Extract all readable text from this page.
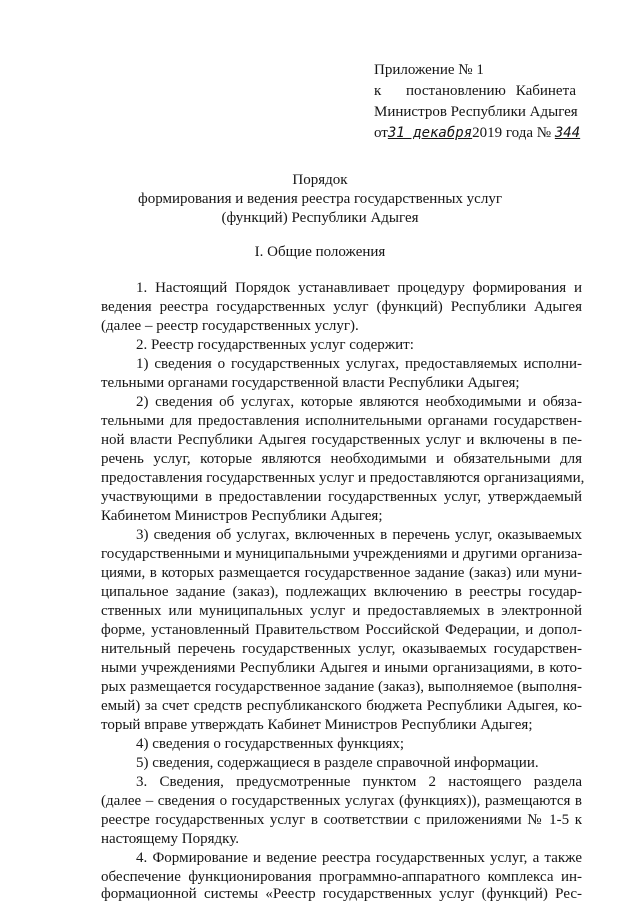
Приложение № 1
к постановлению Кабинета
Министров Республики Адыгея
от31 декабря2019 года № 344
Порядок
формирования и ведения реестра государственных услуг
(функций) Республики Адыгея
I. Общие положения
1. Настоящий Порядок устанавливает процедуру формирования и
ведения реестра государственных услуг (функций) Республики Адыгея
(далее – реестр государственных услуг).
2. Реестр государственных услуг содержит:
1) сведения о государственных услугах, предоставляемых исполни-
тельными органами государственной власти Республики Адыгея;
2) сведения об услугах, которые являются необходимыми и обяза-
тельными для предоставления исполнительными органами государствен-
ной власти Республики Адыгея государственных услуг и включены в пе-
речень услуг, которые являются необходимыми и обязательными для
предоставления государственных услуг и предоставляются организациями,
участвующими в предоставлении государственных услуг, утверждаемый
Кабинетом Министров Республики Адыгея;
3) сведения об услугах, включенных в перечень услуг, оказываемых
государственными и муниципальными учреждениями и другими организа-
циями, в которых размещается государственное задание (заказ) или муни-
ципальное задание (заказ), подлежащих включению в реестры государ-
ственных или муниципальных услуг и предоставляемых в электронной
форме, установленный Правительством Российской Федерации, и допол-
нительный перечень государственных услуг, оказываемых государствен-
ными учреждениями Республики Адыгея и иными организациями, в кото-
рых размещается государственное задание (заказ), выполняемое (выполня-
емый) за счет средств республиканского бюджета Республики Адыгея, ко-
торый вправе утверждать Кабинет Министров Республики Адыгея;
4) сведения о государственных функциях;
5) сведения, содержащиеся в разделе справочной информации.
3. Сведения, предусмотренные пунктом 2 настоящего раздела
(далее – сведения о государственных услугах (функциях)), размещаются в
реестре государственных услуг в соответствии с приложениями № 1-5 к
настоящему Порядку.
4. Формирование и ведение реестра государственных услуг, а также
обеспечение функционирования программно-аппаратного комплекса ин-
формационной системы «Реестр государственных услуг (функций) Рес-
